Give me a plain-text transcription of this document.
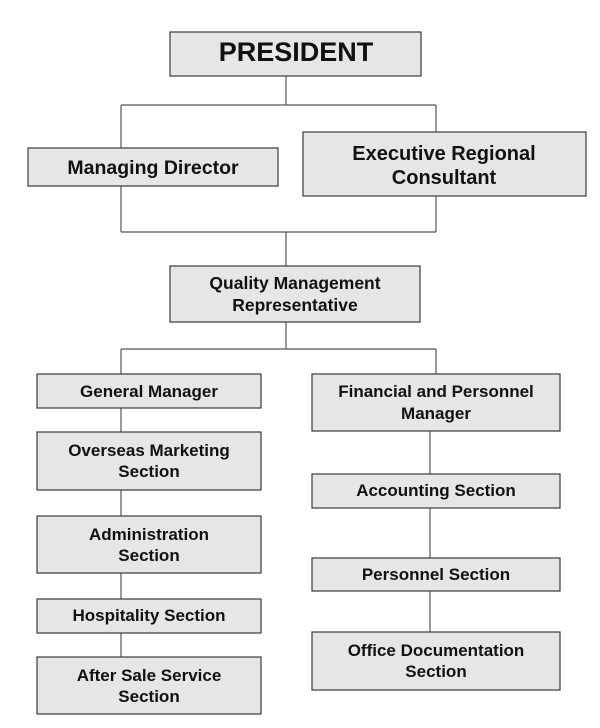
PRESIDENT
Managing Director
Executive Regional
Consultant
Quality Management
Representative
General Manager
Overseas Marketing
Section
Administration
Section
Hospitality Section
After Sale Service
Section
Financial and Personnel
Manager
Accounting Section
Personnel Section
Office Documentation
Section
